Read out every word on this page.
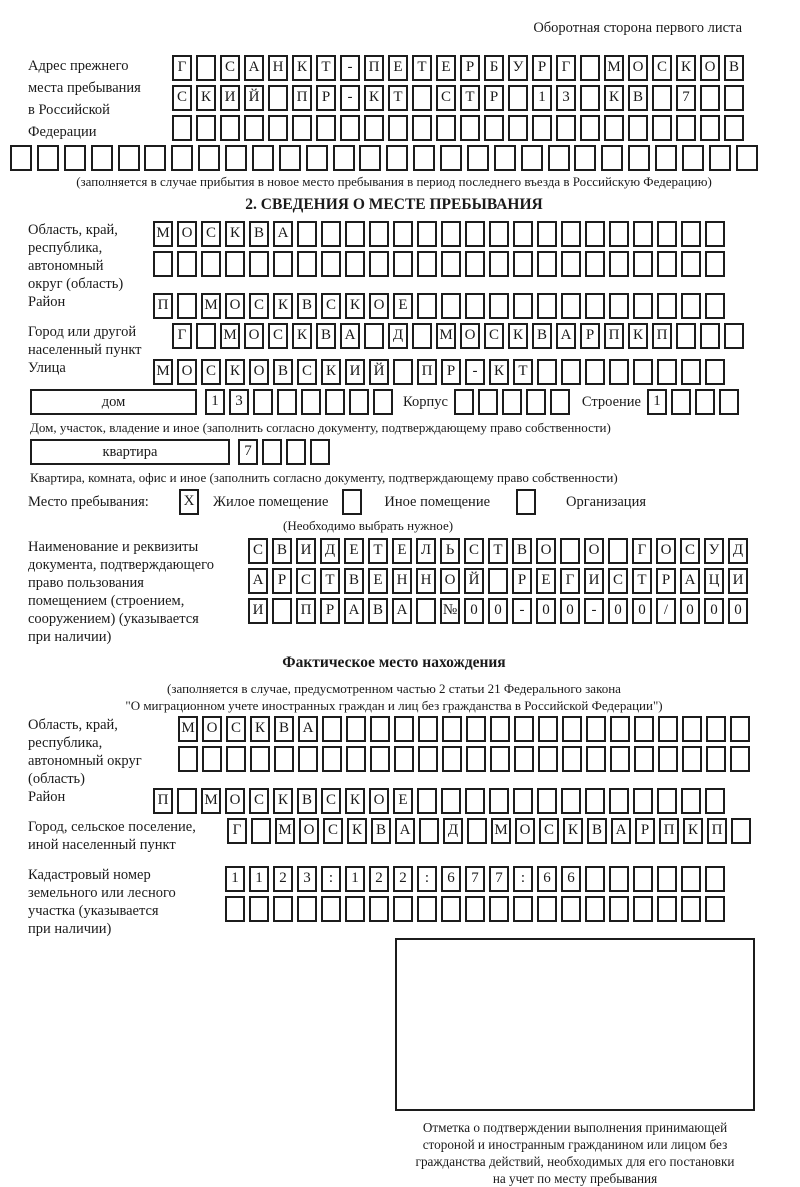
Оборотная сторона первого листа
Адрес прежнего
места пребывания
в Российской
Федерации
Г	С А Н К Т	-	П Е Т Е	Р	Б У Р	Г	М О С К О В
С К И Й	П Р	-	К Т	С Т	Р	1	3	К В	7
(заполняется в случае прибытия в новое место пребывания в период последнего въезда в Российскую Федерацию)
2. СВЕДЕНИЯ О МЕСТЕ ПРЕБЫВАНИЯ
Область, край,
республика,
автономный
округ (область)
М О С К В А
Район	П	М О С К В С К О Е
Город или другой
населенный пункт
Г	М О С К В А	Д	М О С К В А Р П К П
Улица	М О С К О В С К И Й	П Р	-	К Т
дом	1	3	Корпус	Строение 1
Дом, участок, владение и иное (заполнить согласно документу, подтверждающему право собственности)
квартира	7
Квартира, комната, офис и иное (заполнить согласно документу, подтверждающему право собственности)
Место пребывания:	X	Жилое помещение	Иное помещение	Организация
(Необходимо выбрать нужное)
Наименование и реквизиты
документа, подтверждающего
право пользования
помещением (строением,
сооружением) (указывается
при наличии)
С В И Д Е Т Е Л Ь С Т В О	О	Г О С У Д
А Р С Т В Е Н Н О Й	Р	Е	Г И С Т	Р А Ц И
И	П Р А В А	№ 0	0	-	0	0	-	0	0	/	0	0	0
Фактическое место нахождения
(заполняется в случае, предусмотренном частью 2 статьи 21 Федерального закона
"О миграционном учете иностранных граждан и лиц без гражданства в Российской Федерации")
Область, край,
республика,
автономный округ
(область)
М О С К В А
Район	П	М О С К В С К О Е
Город, сельское поселение,
иной населенный пункт
Г	М О С К В А	Д	М О С К В А Р П К П
Кадастровый номер
земельного или лесного
участка (указывается
при наличии)
1	1	2	3	:	1	2	2	:	6	7	7	:	6	6
Отметка о подтверждении выполнения принимающей
стороной и иностранным гражданином или лицом без
гражданства действий, необходимых для его постановки
на учет по месту пребывания
